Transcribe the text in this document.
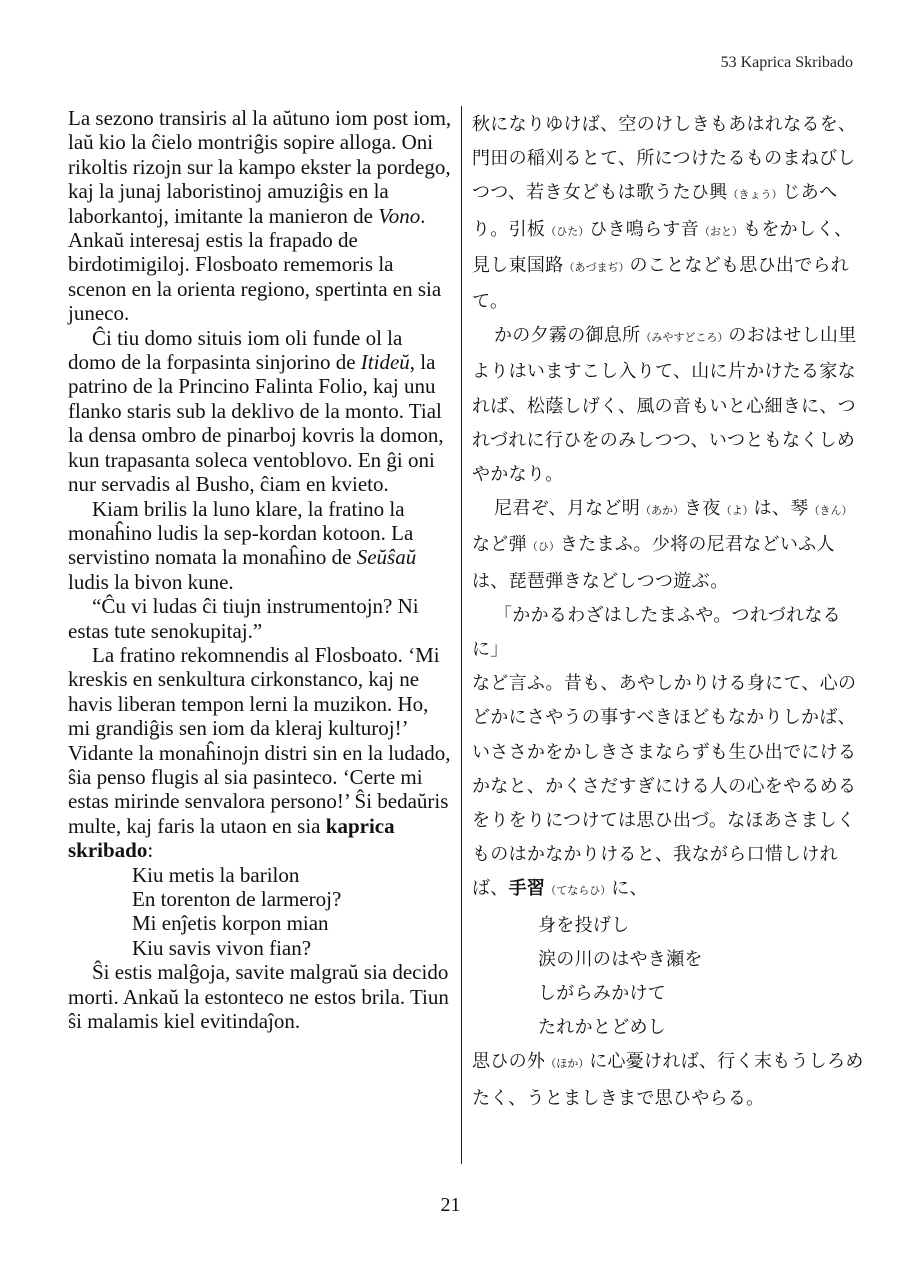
53 Kaprica Skribado

La sezono transiris al la aŭtuno iom post iom, laŭ kio la ĉielo montriĝis sopire alloga. Oni rikoltis rizojn sur la kampo ekster la pordego, kaj la junaj laboristinoj amuziĝis en la laborkantoj, imitante la manieron de Vono. Ankaŭ interesaj estis la frapado de birdotimigiloj. Flosboato rememoris la scenon en la orienta regiono, spertinta en sia juneco.

Ĉi tiu domo situis iom oli funde ol la domo de la forpasinta sinjorino de Itideŭ, la patrino de la Princino Falinta Folio, kaj unu flanko staris sub la deklivo de la monto. Tial la densa ombro de pinarboj kovris la domon, kun trapasanta soleca ventoblovo. En ĝi oni nur servadis al Busho, ĉiam en kvieto.

Kiam brilis la luno klare, la fratino la monaĥino ludis la sep-kordan kotoon. La servistino nomata la monaĥino de Seŭŝaŭ ludis la bivon kune.

“Ĉu vi ludas ĉi tiujn instrumentojn? Ni estas tute senokupitaj.”

La fratino rekomnendis al Flosboato. ‘Mi kreskis en senkultura cirkonstanco, kaj ne havis liberan tempon lerni la muzikon. Ho, mi grandiĝis sen iom da kleraj kulturoj!’ Vidante la monaĥinojn distri sin en la ludado, ŝia penso flugis al sia pasinteco. ‘Certe mi estas mirinde senvalora persono!’ Ŝi bedaŭris multe, kaj faris la utaon en sia kaprica skribado:

Kiu metis la barilon
En torenton de larmeroj?
Mi enĵetis korpon mian
Kiu savis vivon fian?

Ŝi estis malĝoja, savite malgraŭ sia decido morti. Ankaŭ la estonteco ne estos brila. Tiun ŝi malamis kiel evitindaĵon.

秋になりゆけば、空のけしきもあはれなるを、門田の稲刈るとて、所につけたるものまねびしつつ、若き女どもは歌うたひ興（きょう）じあへり。引板（ひた）ひき鳴らす音（おと）もをかしく、見し東国路（あづまぢ）のことなども思ひ出でられて。

かの夕霧の御息所（みやすどころ）のおはせし山里よりはいますこし入りて、山に片かけたる家なれば、松蔭しげく、風の音もいと心細きに、つれづれに行ひをのみしつつ、いつともなくしめやかなり。

尼君ぞ、月など明（あか）き夜（よ）は、琴（きん）など弾（ひ）きたまふ。少将の尼君などいふ人は、琵琶弾きなどしつつ遊ぶ。

「かかるわざはしたまふや。つれづれなるに」

など言ふ。昔も、あやしかりける身にて、心のどかにさやうの事すべきほどもなかりしかば、いささかをかしきさまならずも生ひ出でにけるかなと、かくさだすぎにける人の心をやるめるをりをりにつけては思ひ出づ。なほあさましくものはかなかりけると、我ながら口惜しければ、手習（てならひ）に、

身を投げし
涙の川のはやき瀬を
しがらみかけて
たれかとどめし

思ひの外（ほか）に心憂ければ、行く末もうしろめたく、うとましきまで思ひやらる。

21
